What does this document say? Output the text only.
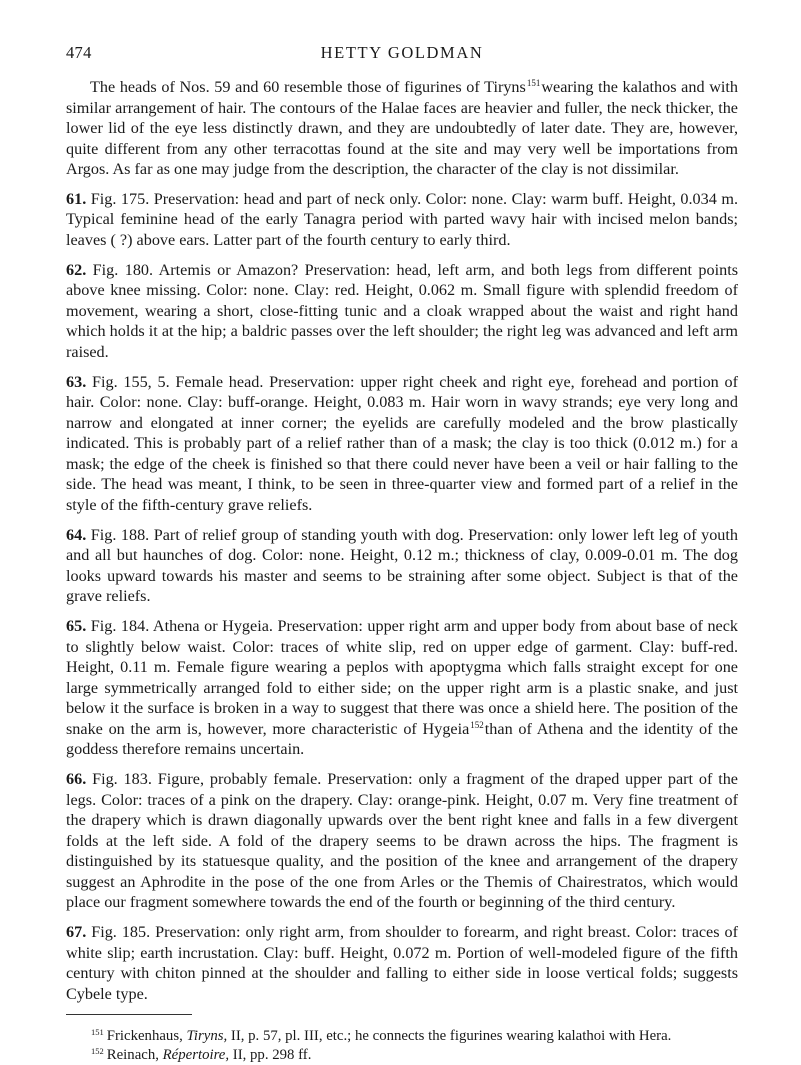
474	HETTY GOLDMAN

The heads of Nos. 59 and 60 resemble those of figurines of Tiryns$^{151}$wearing the kalathos and with similar arrangement of hair. The contours of the Halae faces are heavier and fuller, the neck thicker, the lower lid of the eye less distinctly drawn, and they are undoubtedly of later date. They are, however, quite different from any other terracottas found at the site and may very well be importations from Argos. As far as one may judge from the description, the character of the clay is not dissimilar.

61. Fig. 175. Preservation: head and part of neck only. Color: none. Clay: warm buff. Height, 0.034 m. Typical feminine head of the early Tanagra period with parted wavy hair with incised melon bands; leaves ( ?) above ears. Latter part of the fourth century to early third.

62. Fig. 180. Artemis or Amazon? Preservation: head, left arm, and both legs from different points above knee missing. Color: none. Clay: red. Height, 0.062 m. Small figure with splendid freedom of movement, wearing a short, close-fitting tunic and a cloak wrapped about the waist and right hand which holds it at the hip; a baldric passes over the left shoulder; the right leg was advanced and left arm raised.

63. Fig. 155, 5. Female head. Preservation: upper right cheek and right eye, forehead and portion of hair. Color: none. Clay: buff-orange. Height, 0.083 m. Hair worn in wavy strands; eye very long and narrow and elongated at inner corner; the eyelids are carefully modeled and the brow plastically indicated. This is probably part of a relief rather than of a mask; the clay is too thick (0.012 m.) for a mask; the edge of the cheek is finished so that there could never have been a veil or hair falling to the side. The head was meant, I think, to be seen in three-quarter view and formed part of a relief in the style of the fifth-century grave reliefs.

64. Fig. 188. Part of relief group of standing youth with dog. Preservation: only lower left leg of youth and all but haunches of dog. Color: none. Height, 0.12 m.; thickness of clay, 0.009-0.01 m. The dog looks upward towards his master and seems to be straining after some object. Subject is that of the grave reliefs.

65. Fig. 184. Athena or Hygeia. Preservation: upper right arm and upper body from about base of neck to slightly below waist. Color: traces of white slip, red on upper edge of garment. Clay: buff-red. Height, 0.11 m. Female figure wearing a peplos with apoptygma which falls straight except for one large symmetrically arranged fold to either side; on the upper right arm is a plastic snake, and just below it the surface is broken in a way to suggest that there was once a shield here. The position of the snake on the arm is, however, more characteristic of Hygeia$^{152}$than of Athena and the identity of the goddess therefore remains uncertain.

66. Fig. 183. Figure, probably female. Preservation: only a fragment of the draped upper part of the legs. Color: traces of a pink on the drapery. Clay: orange-pink. Height, 0.07 m. Very fine treatment of the drapery which is drawn diagonally upwards over the bent right knee and falls in a few divergent folds at the left side. A fold of the drapery seems to be drawn across the hips. The fragment is distinguished by its statuesque quality, and the position of the knee and arrangement of the drapery suggest an Aphrodite in the pose of the one from Arles or the Themis of Chairestratos, which would place our fragment somewhere towards the end of the fourth or beginning of the third century.

67. Fig. 185. Preservation: only right arm, from shoulder to forearm, and right breast. Color: traces of white slip; earth incrustation. Clay: buff. Height, 0.072 m. Portion of well-modeled figure of the fifth century with chiton pinned at the shoulder and falling to either side in loose vertical folds; suggests Cybele type.

$^{151}$ Frickenhaus, Tiryns, II, p. 57, pl. III, etc.; he connects the figurines wearing kalathoi with Hera.

$^{152}$ Reinach, Répertoire, II, pp. 298 ff.
